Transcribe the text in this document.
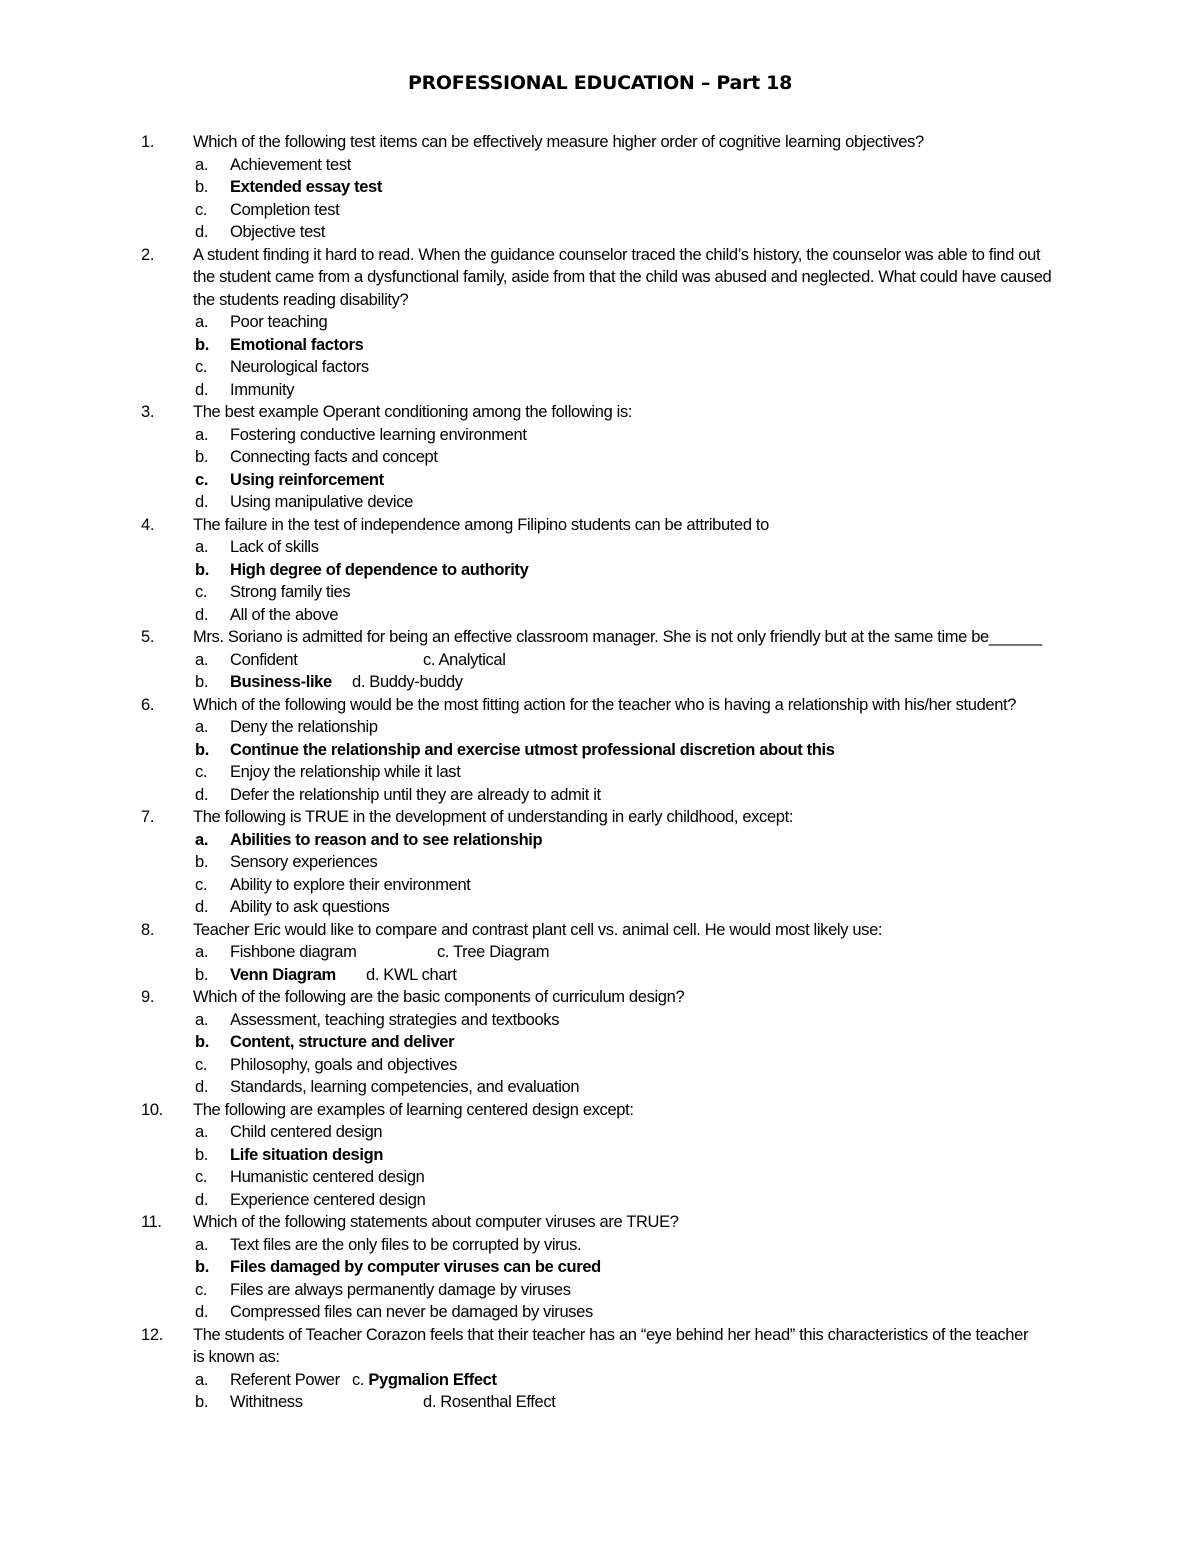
PROFESSIONAL EDUCATION – Part 18
1. Which of the following test items can be effectively measure higher order of cognitive learning objectives?
a. Achievement test
b. Extended essay test
c. Completion test
d. Objective test
2. A student finding it hard to read. When the guidance counselor traced the child’s history, the counselor was able to find out
the student came from a dysfunctional family, aside from that the child was abused and neglected. What could have caused
the students reading disability?
a. Poor teaching
b. Emotional factors
c. Neurological factors
d. Immunity
3. The best example Operant conditioning among the following is:
a. Fostering conductive learning environment
b. Connecting facts and concept
c. Using reinforcement
d. Using manipulative device
4. The failure in the test of independence among Filipino students can be attributed to
a. Lack of skills
b. High degree of dependence to authority
c. Strong family ties
d. All of the above
5. Mrs. Soriano is admitted for being an effective classroom manager. She is not only friendly but at the same time be______
a. Confident	c. Analytical
b. Business-like d. Buddy-buddy
6. Which of the following would be the most fitting action for the teacher who is having a relationship with his/her student?
a. Deny the relationship
b. Continue the relationship and exercise utmost professional discretion about this
c. Enjoy the relationship while it last
d. Defer the relationship until they are already to admit it
7. The following is TRUE in the development of understanding in early childhood, except:
a. Abilities to reason and to see relationship
b. Sensory experiences
c. Ability to explore their environment
d. Ability to ask questions
8. Teacher Eric would like to compare and contrast plant cell vs. animal cell. He would most likely use:
a. Fishbone diagram	c. Tree Diagram
b. Venn Diagram d. KWL chart
9. Which of the following are the basic components of curriculum design?
a. Assessment, teaching strategies and textbooks
b. Content, structure and deliver
c. Philosophy, goals and objectives
d. Standards, learning competencies, and evaluation
10. The following are examples of learning centered design except:
a. Child centered design
b. Life situation design
c. Humanistic centered design
d. Experience centered design
11. Which of the following statements about computer viruses are TRUE?
a. Text files are the only files to be corrupted by virus.
b. Files damaged by computer viruses can be cured
c. Files are always permanently damage by viruses
d. Compressed files can never be damaged by viruses
12. The students of Teacher Corazon feels that their teacher has an “eye behind her head” this characteristics of the teacher
is known as:
a. Referent Power c. Pygmalion Effect
b. Withitness	d. Rosenthal Effect
